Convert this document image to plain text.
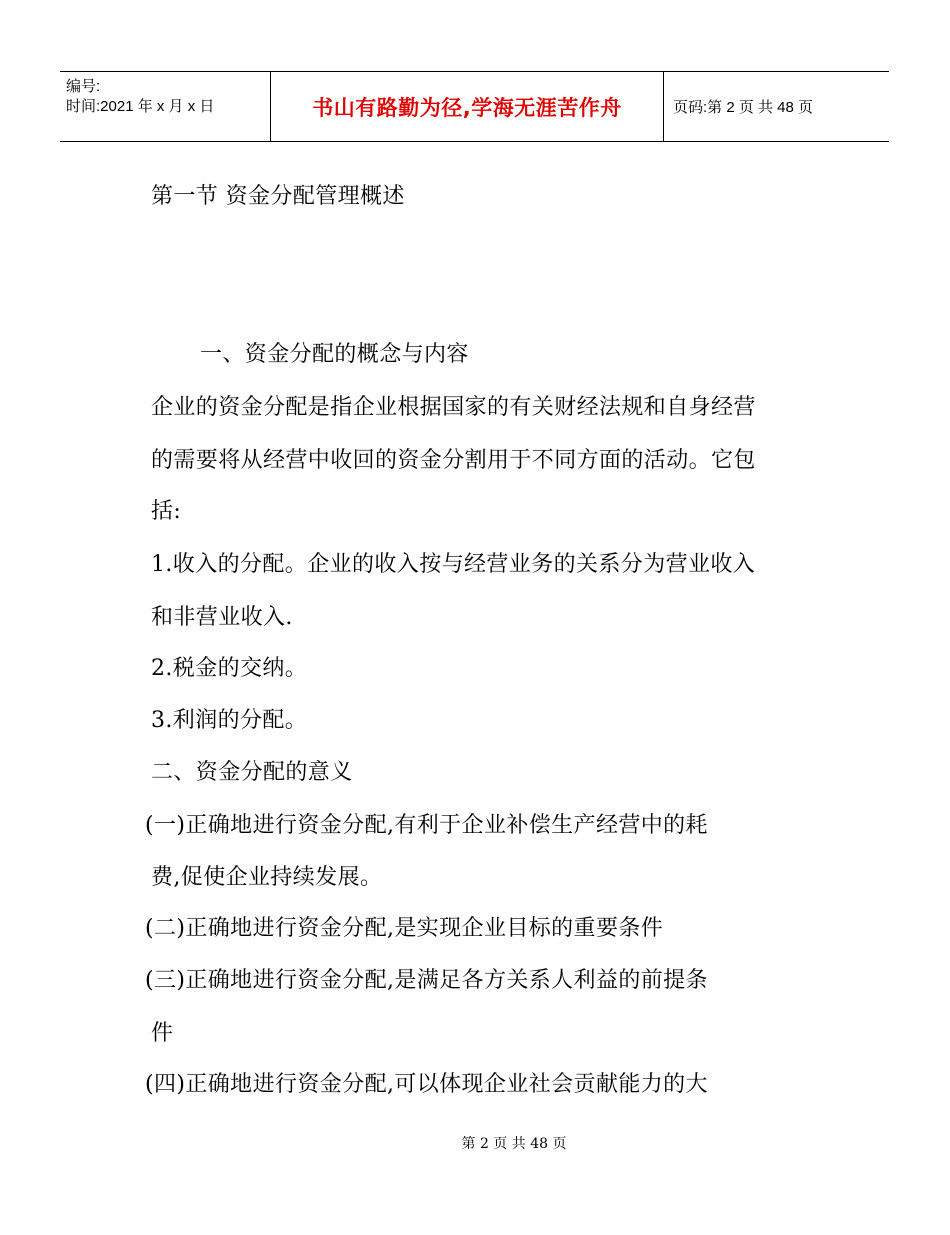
编号:
时间:2021 年 x 月 x 日	书山有路勤为径,学海无涯苦作舟	页码:第 2 页 共 48 页
第一节 资金分配管理概述
一、资金分配的概念与内容
企业的资金分配是指企业根据国家的有关财经法规和自身经营
的需要将从经营中收回的资金分割用于不同方面的活动。它包
括:
1.收入的分配。企业的收入按与经营业务的关系分为营业收入
和非营业收入.
2.税金的交纳。
3.利润的分配。
二、资金分配的意义
(一)正确地进行资金分配,有利于企业补偿生产经营中的耗
费,促使企业持续发展。
(二)正确地进行资金分配,是实现企业目标的重要条件
(三)正确地进行资金分配,是满足各方关系人利益的前提条
件
(四)正确地进行资金分配,可以体现企业社会贡献能力的大
第 2 页 共 48 页
